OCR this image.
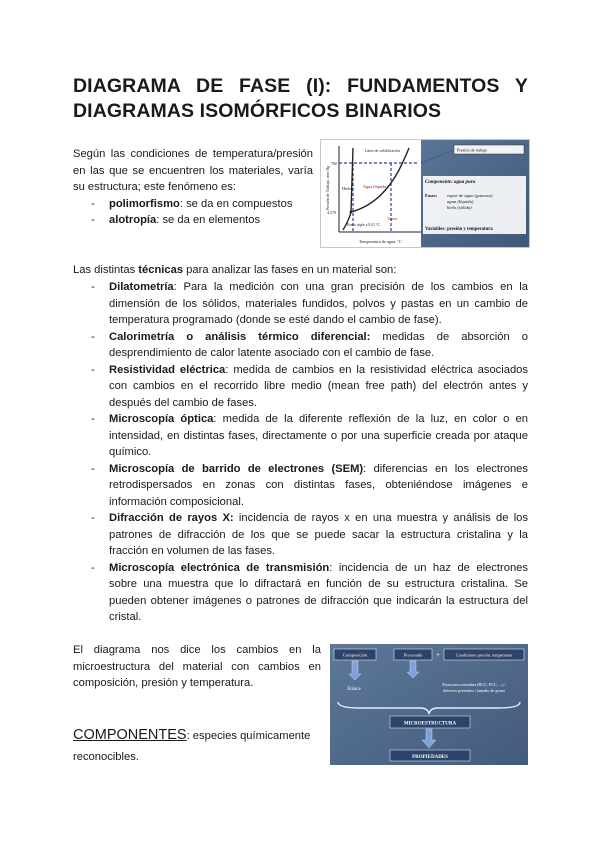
DIAGRAMA DE FASE (I): FUNDAMENTOS Y
DIAGRAMAS ISOMÓRFICOS BINARIOS

Según las condiciones de temperatura/presión en las que se encuentren los materiales, varía su estructura; este fenómeno es:

- polimorfismo: se da en compuestos
- alotropía: se da en elementos
Presión de Trabajo, mm Hg
Temperatura de agua, °C
760
4,579
Hielo	Agua (líquida)
Vapor
Línea de solidificación
Punto triple a 0.01 °C
Presión de trabajo
Componente: agua pura
Fases: vapor de agua (gaseosa)
agua (líquida)
hielo (sólida)
Variables: presión y temperatura
Las distintas técnicas para analizar las fases en un material son:
- Dilatometría: Para la medición con una gran precisión de los cambios en la dimensión de los sólidos, materiales fundidos, polvos y pastas en un cambio de temperatura programado (donde se esté dando el cambio de fase).
- Calorimetría o análisis térmico diferencial: medidas de absorción o desprendimiento de calor latente asociado con el cambio de fase.
- Resistividad eléctrica: medida de cambios en la resistividad eléctrica asociados con cambios en el recorrido libre medio (mean free path) del electrón antes y después del cambio de fases.
- Microscopía óptica: medida de la diferente reflexión de la luz, en color o en intensidad, en distintas fases, directamente o por una superficie creada por ataque químico.
- Microscopía de barrido de electrones (SEM): diferencias en los electrones retrodispersados en zonas con distintas fases, obteniéndose imágenes e información composicional.
- Difracción de rayos X: incidencia de rayos x en una muestra y análisis de los patrones de difracción de los que se puede sacar la estructura cristalina y la fracción en volumen de las fases.
- Microscopía electrónica de transmisión: incidencia de un haz de electrones sobre una muestra que lo difractará en función de su estructura cristalina. Se pueden obtener imágenes o patrones de difracción que indicarán la estructura del cristal.
El diagrama nos dice los cambios en la microestructura del material con cambios en composición, presión y temperatura.

COMPONENTES: especies químicamente reconocibles.

Composición	Procesado +	Condiciones presión, temperatura
Enlace
Estructura cristalina (BCC, FCC, ...) /
defectos presentes / tamaño de grano
MICROESTRUCTURA
PROPIEDADES
